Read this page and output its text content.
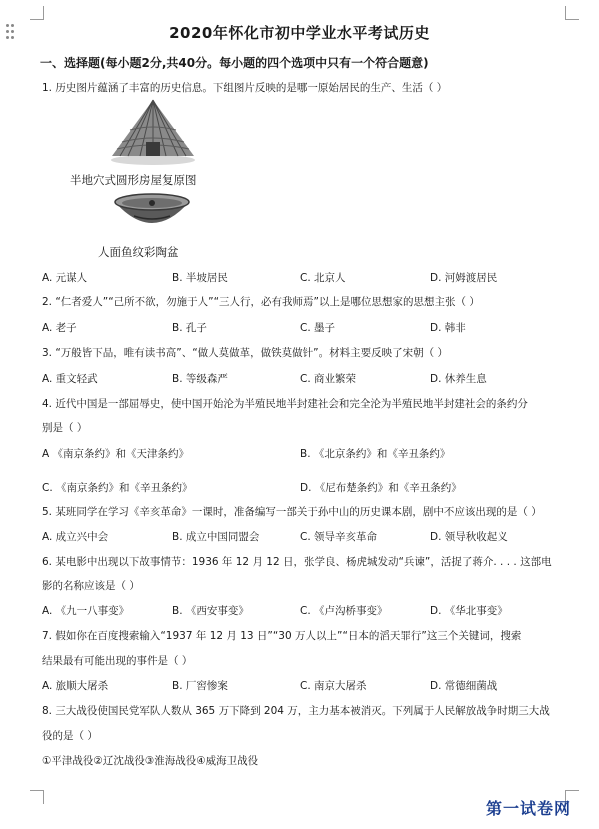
2020年怀化市初中学业水平考试历史
一、选择题(每小题2分,共40分。每小题的四个选项中只有一个符合题意)
1. 历史图片蕴涵了丰富的历史信息。下组图片反映的是哪一原始居民的生产、生活（ ）
半地穴式圆形房屋复原图
人面鱼纹彩陶盆
A. 元谋人	B. 半坡居民	C. 北京人	D. 河姆渡居民
2. “仁者爱人”“己所不欲，勿施于人”“三人行，必有我师焉”以上是哪位思想家的思想主张（ ）
A. 老子	B. 孔子	C. 墨子	D. 韩非
3. “万般皆下品，唯有读书高”、“做人莫做革，做铁莫做针”。材料主要反映了宋朝（ ）
A. 重文轻武	B. 等级森严	C. 商业繁荣	D. 休养生息
4. 近代中国是一部屈辱史，使中国开始沦为半殖民地半封建社会和完全沦为半殖民地半封建社会的条约分
别是（ ）
A 《南京条约》和《天津条约》	B. 《北京条约》和《辛丑条约》
C. 《南京条约》和《辛丑条约》	D. 《尼布楚条约》和《辛丑条约》
5. 某班同学在学习《辛亥革命》一课时，准备编写一部关于孙中山的历史课本剧，剧中不应该出现的是（ ）
A. 成立兴中会	B. 成立中国同盟会	C. 领导辛亥革命	D. 领导秋收起义
6. 某电影中出现以下故事情节：1936 年 12 月 12 日，张学良、杨虎城发动“兵谏”，活捉了蒋介. . . . 这部电
影的名称应该是（ ）
A. 《九一八事变》	B. 《西安事变》	C. 《卢沟桥事变》	D. 《华北事变》
7. 假如你在百度搜索输入“1937 年 12 月 13 日”“30 万人以上”“日本的滔天罪行”这三个关键词，搜索
结果最有可能出现的事件是（ ）
A. 旅顺大屠杀	B. 厂窖惨案	C. 南京大屠杀	D. 常德细菌战
8. 三大战役使国民党军队人数从 365 万下降到 204 万，主力基本被消灭。下列属于人民解放战争时期三大战
役的是（ ）
①平津战役②辽沈战役③淮海战役④威海卫战役
第一试卷网
